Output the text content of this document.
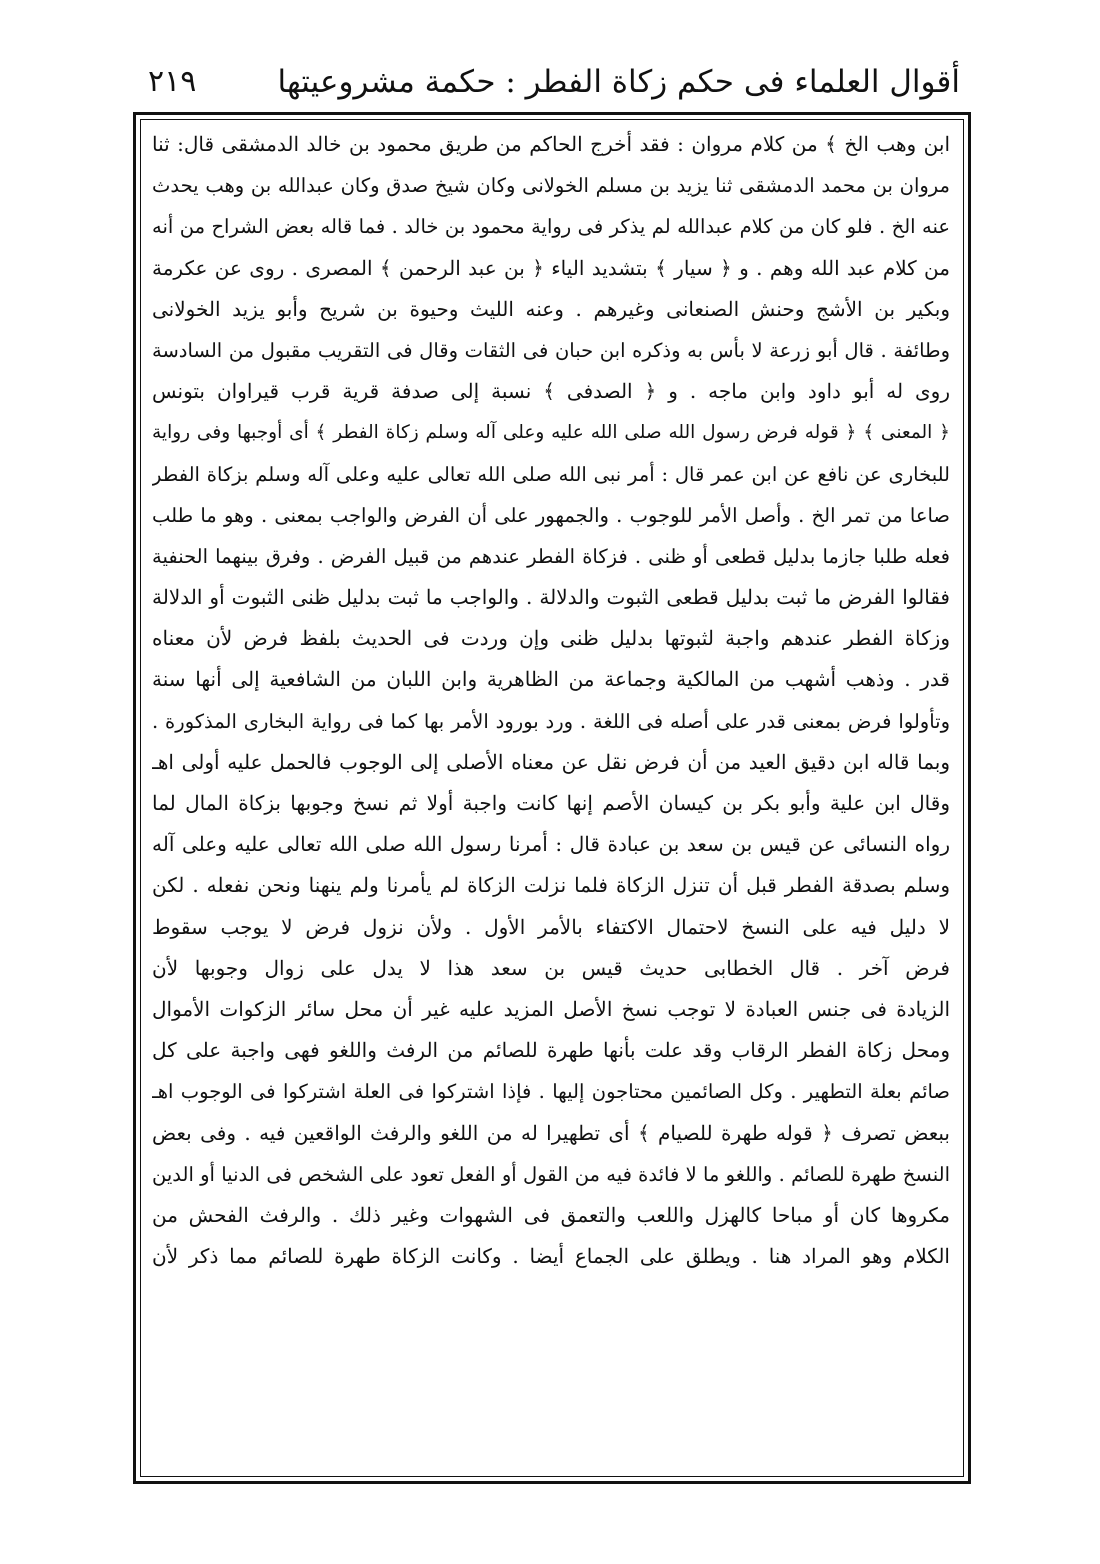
٢١٩	أقوال العلماء فى حكم زكاة الفطر : حكمة مشروعيتها
ابن وهب الخ ﴾ من كلام مروان : فقد أخرج الحاكم من طريق محمود بن خالد الدمشقى قال: ثنا
مروان بن محمد الدمشقى ثنا يزيد بن مسلم الخولانى وكان شيخ صدق وكان عبدالله بن وهب يحدث
عنه الخ . فلو كان من كلام عبدالله لم يذكر فى رواية محمود بن خالد . فما قاله بعض الشراح من أنه
من كلام عبد الله وهم . و ﴿ سيار ﴾ بتشديد الياء ﴿ بن عبد الرحمن ﴾ المصرى . روى عن عكرمة
وبكير بن الأشج وحنش الصنعانى وغيرهم . وعنه الليث وحيوة بن شريح وأبو يزيد الخولانى
وطائفة . قال أبو زرعة لا بأس به وذكره ابن حبان فى الثقات وقال فى التقريب مقبول من السادسة
روى له أبو داود وابن ماجه . و ﴿ الصدفى ﴾ نسبة إلى صدفة قرية قرب قيراوان بتونس
﴿ المعنى ﴾ ﴿ قوله فرض رسول الله صلى الله عليه وعلى آله وسلم زكاة الفطر ﴾ أى أوجبها وفى رواية
للبخارى عن نافع عن ابن عمر قال : أمر نبى الله صلى الله تعالى عليه وعلى آله وسلم بزكاة الفطر
صاعا من تمر الخ . وأصل الأمر للوجوب . والجمهور على أن الفرض والواجب بمعنى . وهو ما طلب
فعله طلبا جازما بدليل قطعى أو ظنى . فزكاة الفطر عندهم من قبيل الفرض . وفرق بينهما الحنفية
فقالوا الفرض ما ثبت بدليل قطعى الثبوت والدلالة . والواجب ما ثبت بدليل ظنى الثبوت أو الدلالة
وزكاة الفطر عندهم واجبة لثبوتها بدليل ظنى وإن وردت فى الحديث بلفظ فرض لأن معناه
قدر . وذهب أشهب من المالكية وجماعة من الظاهرية وابن اللبان من الشافعية إلى أنها سنة
وتأولوا فرض بمعنى قدر على أصله فى اللغة . ورد بورود الأمر بها كما فى رواية البخارى المذكورة .
وبما قاله ابن دقيق العيد من أن فرض نقل عن معناه الأصلى إلى الوجوب فالحمل عليه أولى اهـ
وقال ابن علية وأبو بكر بن كيسان الأصم إنها كانت واجبة أولا ثم نسخ وجوبها بزكاة المال لما
رواه النسائى عن قيس بن سعد بن عبادة قال : أمرنا رسول الله صلى الله تعالى عليه وعلى آله
وسلم بصدقة الفطر قبل أن تنزل الزكاة فلما نزلت الزكاة لم يأمرنا ولم ينهنا ونحن نفعله . لكن
لا دليل فيه على النسخ لاحتمال الاكتفاء بالأمر الأول . ولأن نزول فرض لا يوجب سقوط
فرض آخر . قال الخطابى حديث قيس بن سعد هذا لا يدل على زوال وجوبها لأن
الزيادة فى جنس العبادة لا توجب نسخ الأصل المزيد عليه غير أن محل سائر الزكوات الأموال
ومحل زكاة الفطر الرقاب وقد علت بأنها طهرة للصائم من الرفث واللغو فهى واجبة على كل
صائم بعلة التطهير . وكل الصائمين محتاجون إليها . فإذا اشتركوا فى العلة اشتركوا فى الوجوب اهـ
ببعض تصرف ﴿ قوله طهرة للصيام ﴾ أى تطهيرا له من اللغو والرفث الواقعين فيه . وفى بعض
النسخ طهرة للصائم . واللغو ما لا فائدة فيه من القول أو الفعل تعود على الشخص فى الدنيا أو الدين
مكروها كان أو مباحا كالهزل واللعب والتعمق فى الشهوات وغير ذلك . والرفث الفحش من
الكلام وهو المراد هنا . ويطلق على الجماع أيضا . وكانت الزكاة طهرة للصائم مما ذكر لأن
